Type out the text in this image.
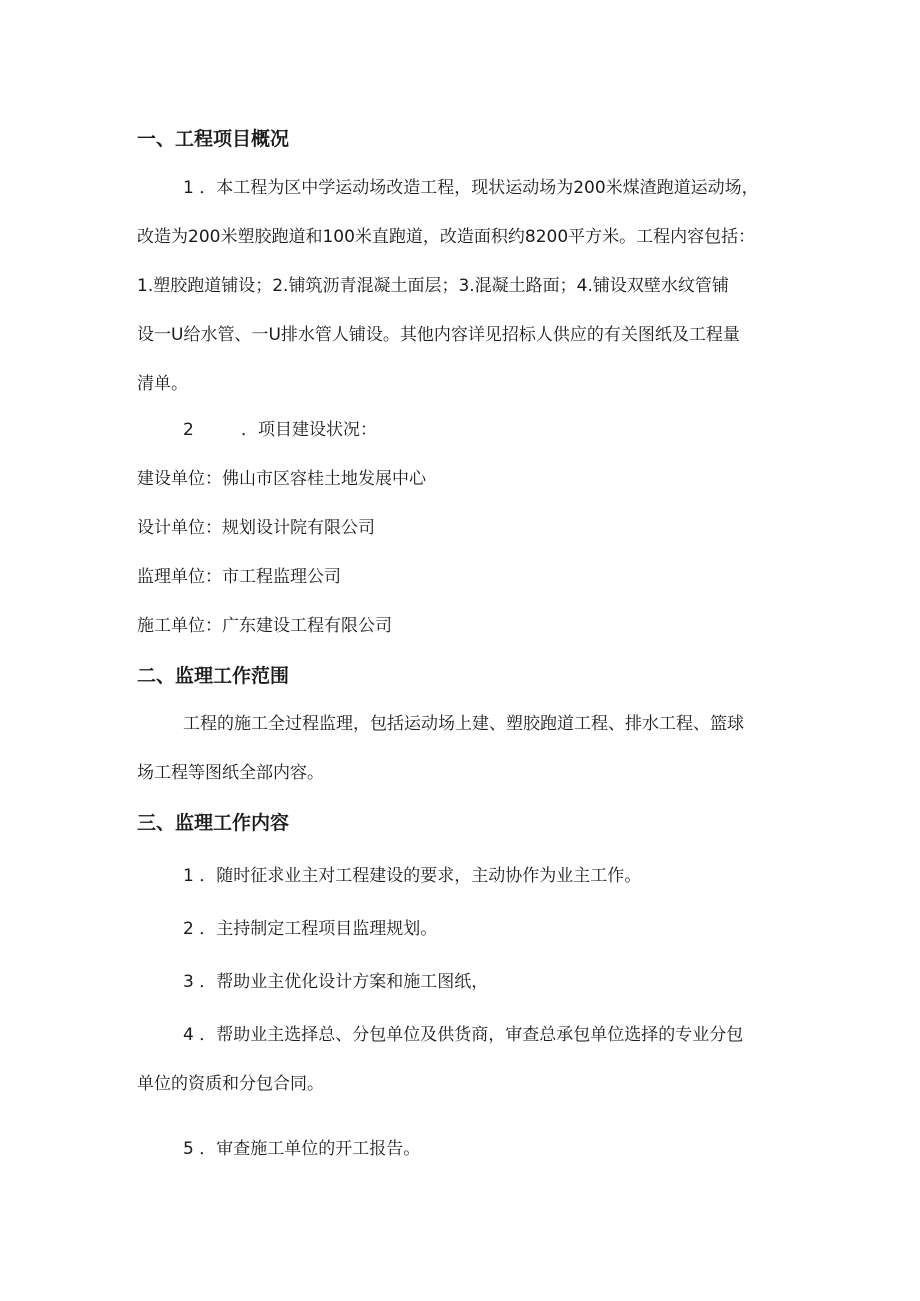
一、工程项目概况
1 ．本工程为区中学运动场改造工程，现状运动场为200米煤渣跑道运动场，
改造为200米塑胶跑道和100米直跑道，改造面积约8200平方米。工程内容包括：
1.塑胶跑道铺设；2.铺筑沥青混凝土面层；3.混凝土路面；4.铺设双壁水纹管铺
设一U给水管、一U排水管人铺设。其他内容详见招标人供应的有关图纸及工程量
清单。
2	．项目建设状况：
建设单位：佛山市区容桂土地发展中心
设计单位：规划设计院有限公司
监理单位：市工程监理公司
施工单位：广东建设工程有限公司
二、监理工作范围
工程的施工全过程监理，包括运动场上建、塑胶跑道工程、排水工程、篮球
场工程等图纸全部内容。
三、监理工作内容
1 ．随时征求业主对工程建设的要求，主动协作为业主工作。
2 ．主持制定工程项目监理规划。
3 ．帮助业主优化设计方案和施工图纸，
4 ．帮助业主选择总、分包单位及供货商，审查总承包单位选择的专业分包
单位的资质和分包合同。
5 ．审查施工单位的开工报告。
